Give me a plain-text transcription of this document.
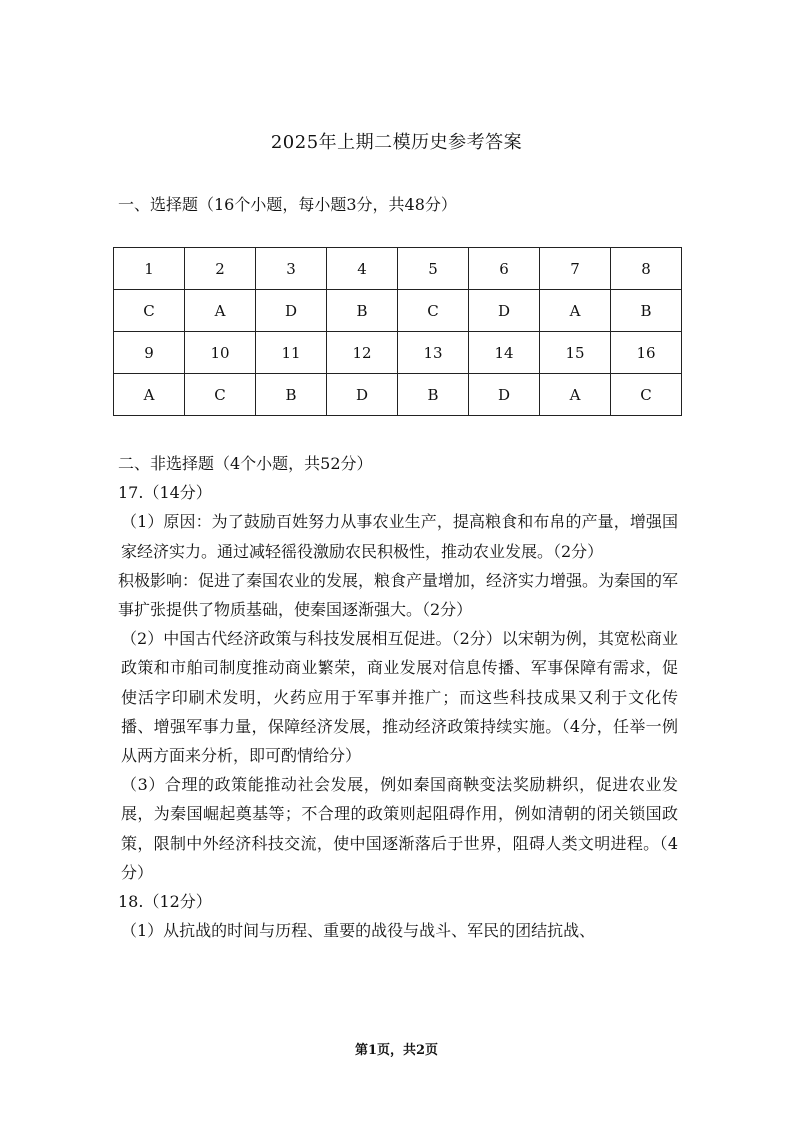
2025年上期二模历史参考答案
一、选择题（16个小题，每小题3分，共48分）
1	2	3	4	5	6	7	8
C	A	D	B	C	D	A	B
9	10	11	12	13	14	15	16
A	C	B	D	B	D	A	C

二、非选择题（4个小题，共52分）

17.（14分）

（1）原因：为了鼓励百姓努力从事农业生产，提高粮食和布帛的产量，增强国家经济实力。通过减轻徭役激励农民积极性，推动农业发展。（2分）

积极影响：促进了秦国农业的发展，粮食产量增加，经济实力增强。为秦国的军事扩张提供了物质基础，使秦国逐渐强大。（2分）

（2）中国古代经济政策与科技发展相互促进。（2分）以宋朝为例，其宽松商业政策和市舶司制度推动商业繁荣，商业发展对信息传播、军事保障有需求，促使活字印刷术发明，火药应用于军事并推广；而这些科技成果又利于文化传播、增强军事力量，保障经济发展，推动经济政策持续实施。（4分，任举一例从两方面来分析，即可酌情给分）

（3）合理的政策能推动社会发展，例如秦国商鞅变法奖励耕织，促进农业发展，为秦国崛起奠基等；不合理的政策则起阻碍作用，例如清朝的闭关锁国政策，限制中外经济科技交流，使中国逐渐落后于世界，阻碍人类文明进程。（4分）

18.（12分）

（1）从抗战的时间与历程、重要的战役与战斗、军民的团结抗战、

第1页，共2页
